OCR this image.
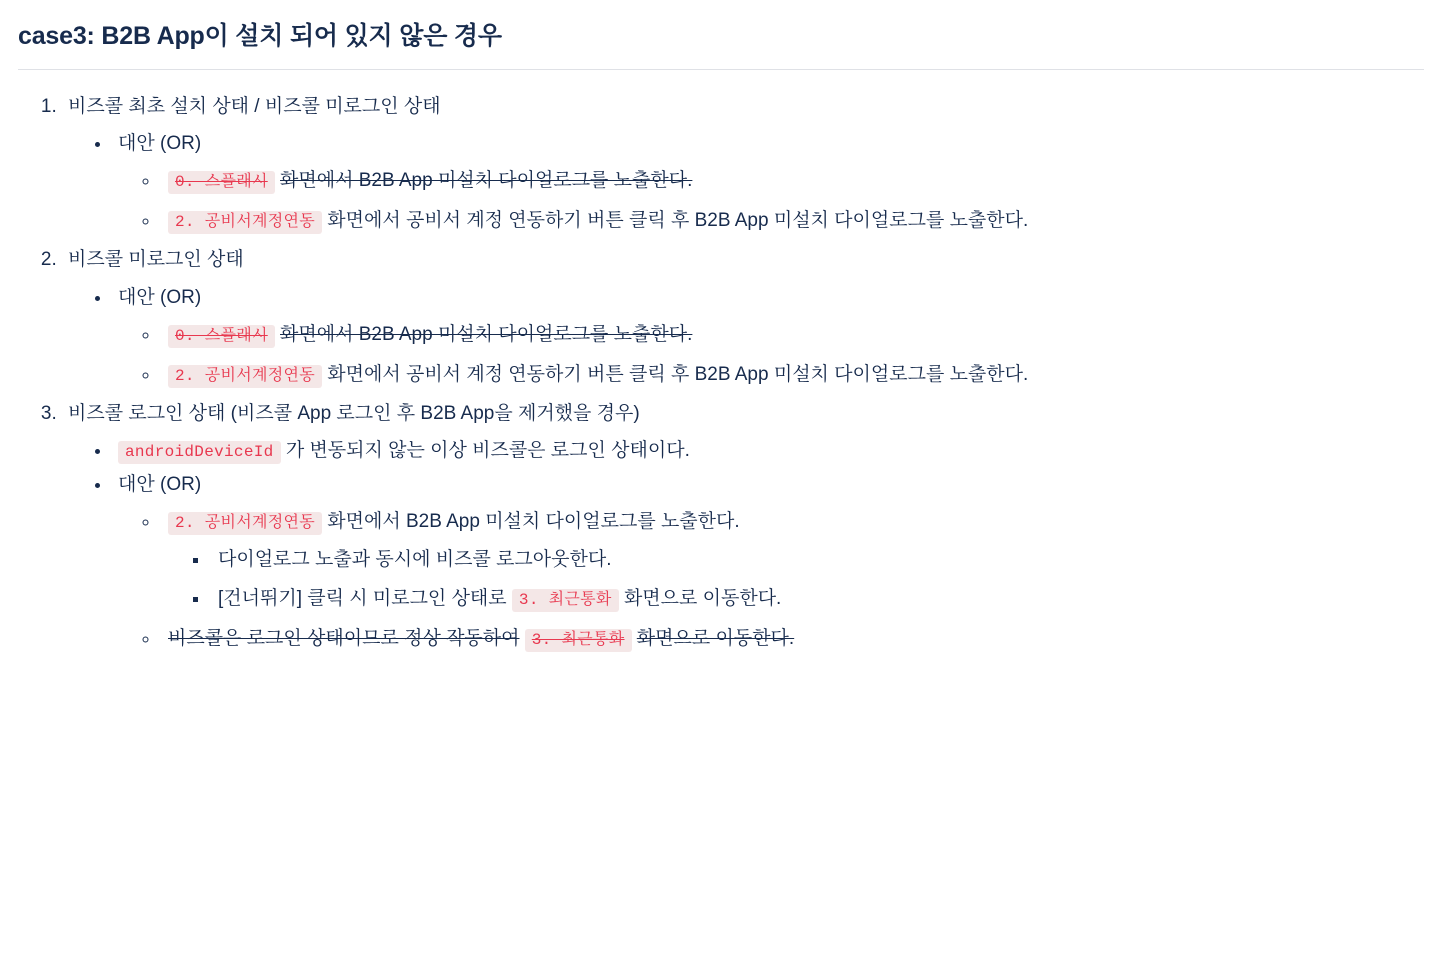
case3: B2B App이 설치 되어 있지 않은 경우
1. 비즈콜 최초 설치 상태 / 비즈콜 미로그인 상태
• 대안 (OR)
◦ 0. 스플래시 화면에서 B2B App 미설치 다이얼로그를 노출한다.
◦ 2. 공비서계정연동 화면에서 공비서 계정 연동하기 버튼 클릭 후 B2B App 미설치 다이얼로그를 노출한다.
2. 비즈콜 미로그인 상태
• 대안 (OR)
◦ 0. 스플래시 화면에서 B2B App 미설치 다이얼로그를 노출한다.
◦ 2. 공비서계정연동 화면에서 공비서 계정 연동하기 버튼 클릭 후 B2B App 미설치 다이얼로그를 노출한다.
3. 비즈콜 로그인 상태 (비즈콜 App 로그인 후 B2B App을 제거했을 경우)
• androidDeviceId 가 변동되지 않는 이상 비즈콜은 로그인 상태이다.
• 대안 (OR)
◦ 2. 공비서계정연동 화면에서 B2B App 미설치 다이얼로그를 노출한다.
▪ 다이얼로그 노출과 동시에 비즈콜 로그아웃한다.
▪ [건너뛰기] 클릭 시 미로그인 상태로 3. 최근통화 화면으로 이동한다.
◦ 비즈콜은 로그인 상태이므로 정상 작동하여 3. 최근통화 화면으로 이동한다.
